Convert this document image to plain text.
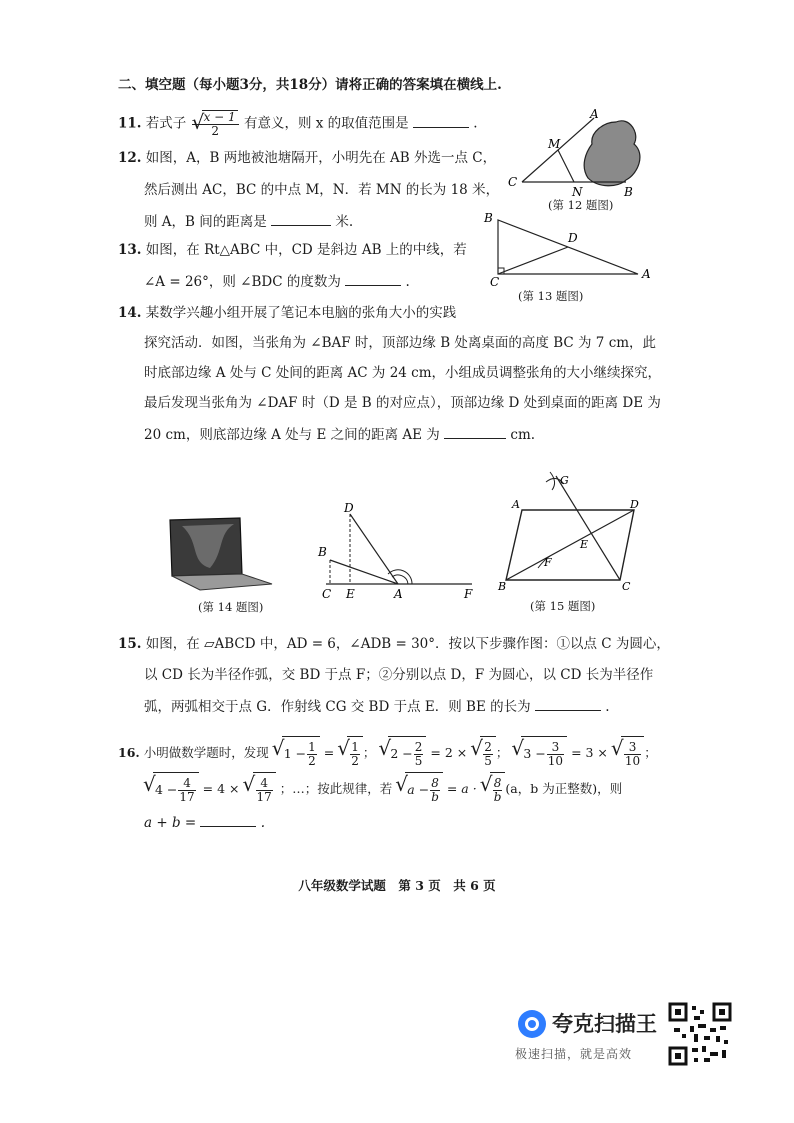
二、填空题（每小题3分，共18分）请将正确的答案填在横线上.
11. 若式子 √ $\frac{x - 1}{2}$ 有意义，则 x 的取值范围是	.
12. 如图，A，B 两地被池塘隔开，小明先在 AB 外选一点 C，
然后测出 AC，BC 的中点 M，N．若 MN 的长为 18 米，
则 A，B 间的距离是	米.
A
M
C
N	B
(第 12 题图)
13. 如图，在 Rt△ABC 中，CD 是斜边 AB 上的中线，若
∠A = 26°，则 ∠BDC 的度数为	.
B
D
C
A
(第 13 题图)
14. 某数学兴趣小组开展了笔记本电脑的张角大小的实践
探究活动．如图，当张角为 ∠BAF 时，顶部边缘 B 处离桌面的高度 BC 为 7 cm，此
时底部边缘 A 处与 C 处间的距离 AC 为 24 cm，小组成员调整张角的大小继续探究，
最后发现当张角为 ∠DAF 时（D 是 B 的对应点），顶部边缘 D 处到桌面的距离 DE 为
20 cm，则底部边缘 A 处与 E 之间的距离 AE 为	cm.
(第 14 题图)
D
B
C E	A	F
A	D
G
E
F
B	C
(第 15 题图)
15. 如图，在 ▱ABCD 中，AD = 6，∠ADB = 30°．按以下步骤作图：①以点 C 为圆心，
以 CD 长为半径作弧，交 BD 于点 F；②分别以点 D，F 为圆心，以 CD 长为半径作
弧，两弧相交于点 G．作射线 CG 交 BD 于点 E．则 BE 的长为	.
16. 小明做数学题时，发现 √ $1 - \frac{1}{2}$ = √ $\frac{1}{2}$ ； √ $2 - \frac{2}{5} = 2$ × √ $\frac{2}{5}$ ； √ $3 - \frac{3}{10} = 3$ × √ $\frac{3}{10}$ ；
√ $4 - \frac{4}{17} = 4$ × √ $\frac{4}{17}$ ；…；按此规律，若 √ $a - \frac{8}{b} = a$ · √ $\frac{8}{b} (a$，b 为正整数)，则
a + b =	.
八年级数学试题　第 3 页　共 6 页
夸克扫描王
极速扫描，就是高效
